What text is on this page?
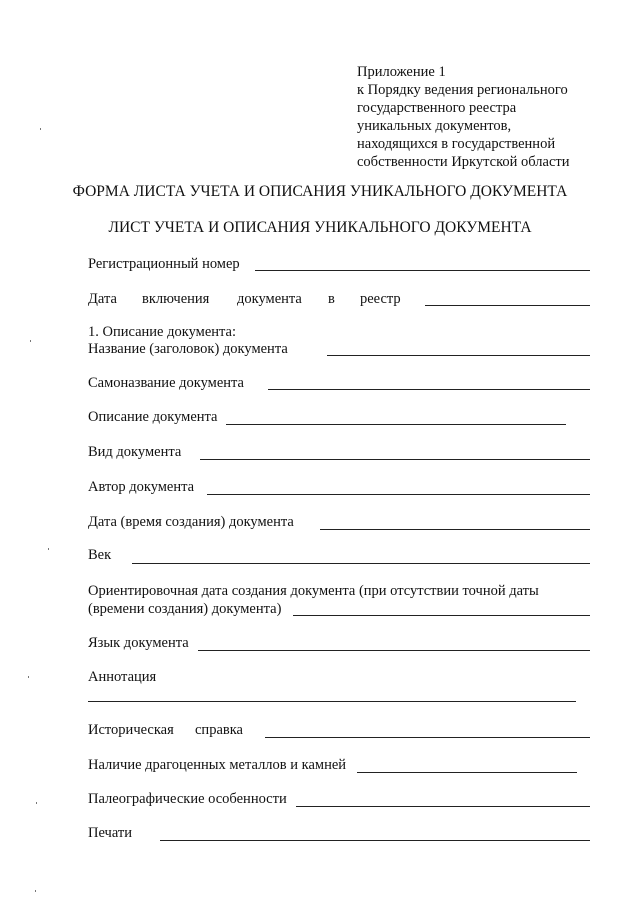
Приложение 1
к Порядку ведения регионального
государственного реестра
уникальных документов,
находящихся в государственной
собственности Иркутской области
ФОРМА ЛИСТА УЧЕТА И ОПИСАНИЯ УНИКАЛЬНОГО ДОКУМЕНТА
ЛИСТ УЧЕТА И ОПИСАНИЯ УНИКАЛЬНОГО ДОКУМЕНТА
Регистрационный номер
Дата включения документа в реестр
1. Описание документа:
Название (заголовок) документа
Самоназвание документа
Описание документа
Вид документа
Автор документа
Дата (время создания) документа
Век
Ориентировочная дата создания документа (при отсутствии точной даты
(времени создания) документа)
Язык документа
Аннотация
Историческая справка
Наличие драгоценных металлов и камней
Палеографические особенности
Печати
